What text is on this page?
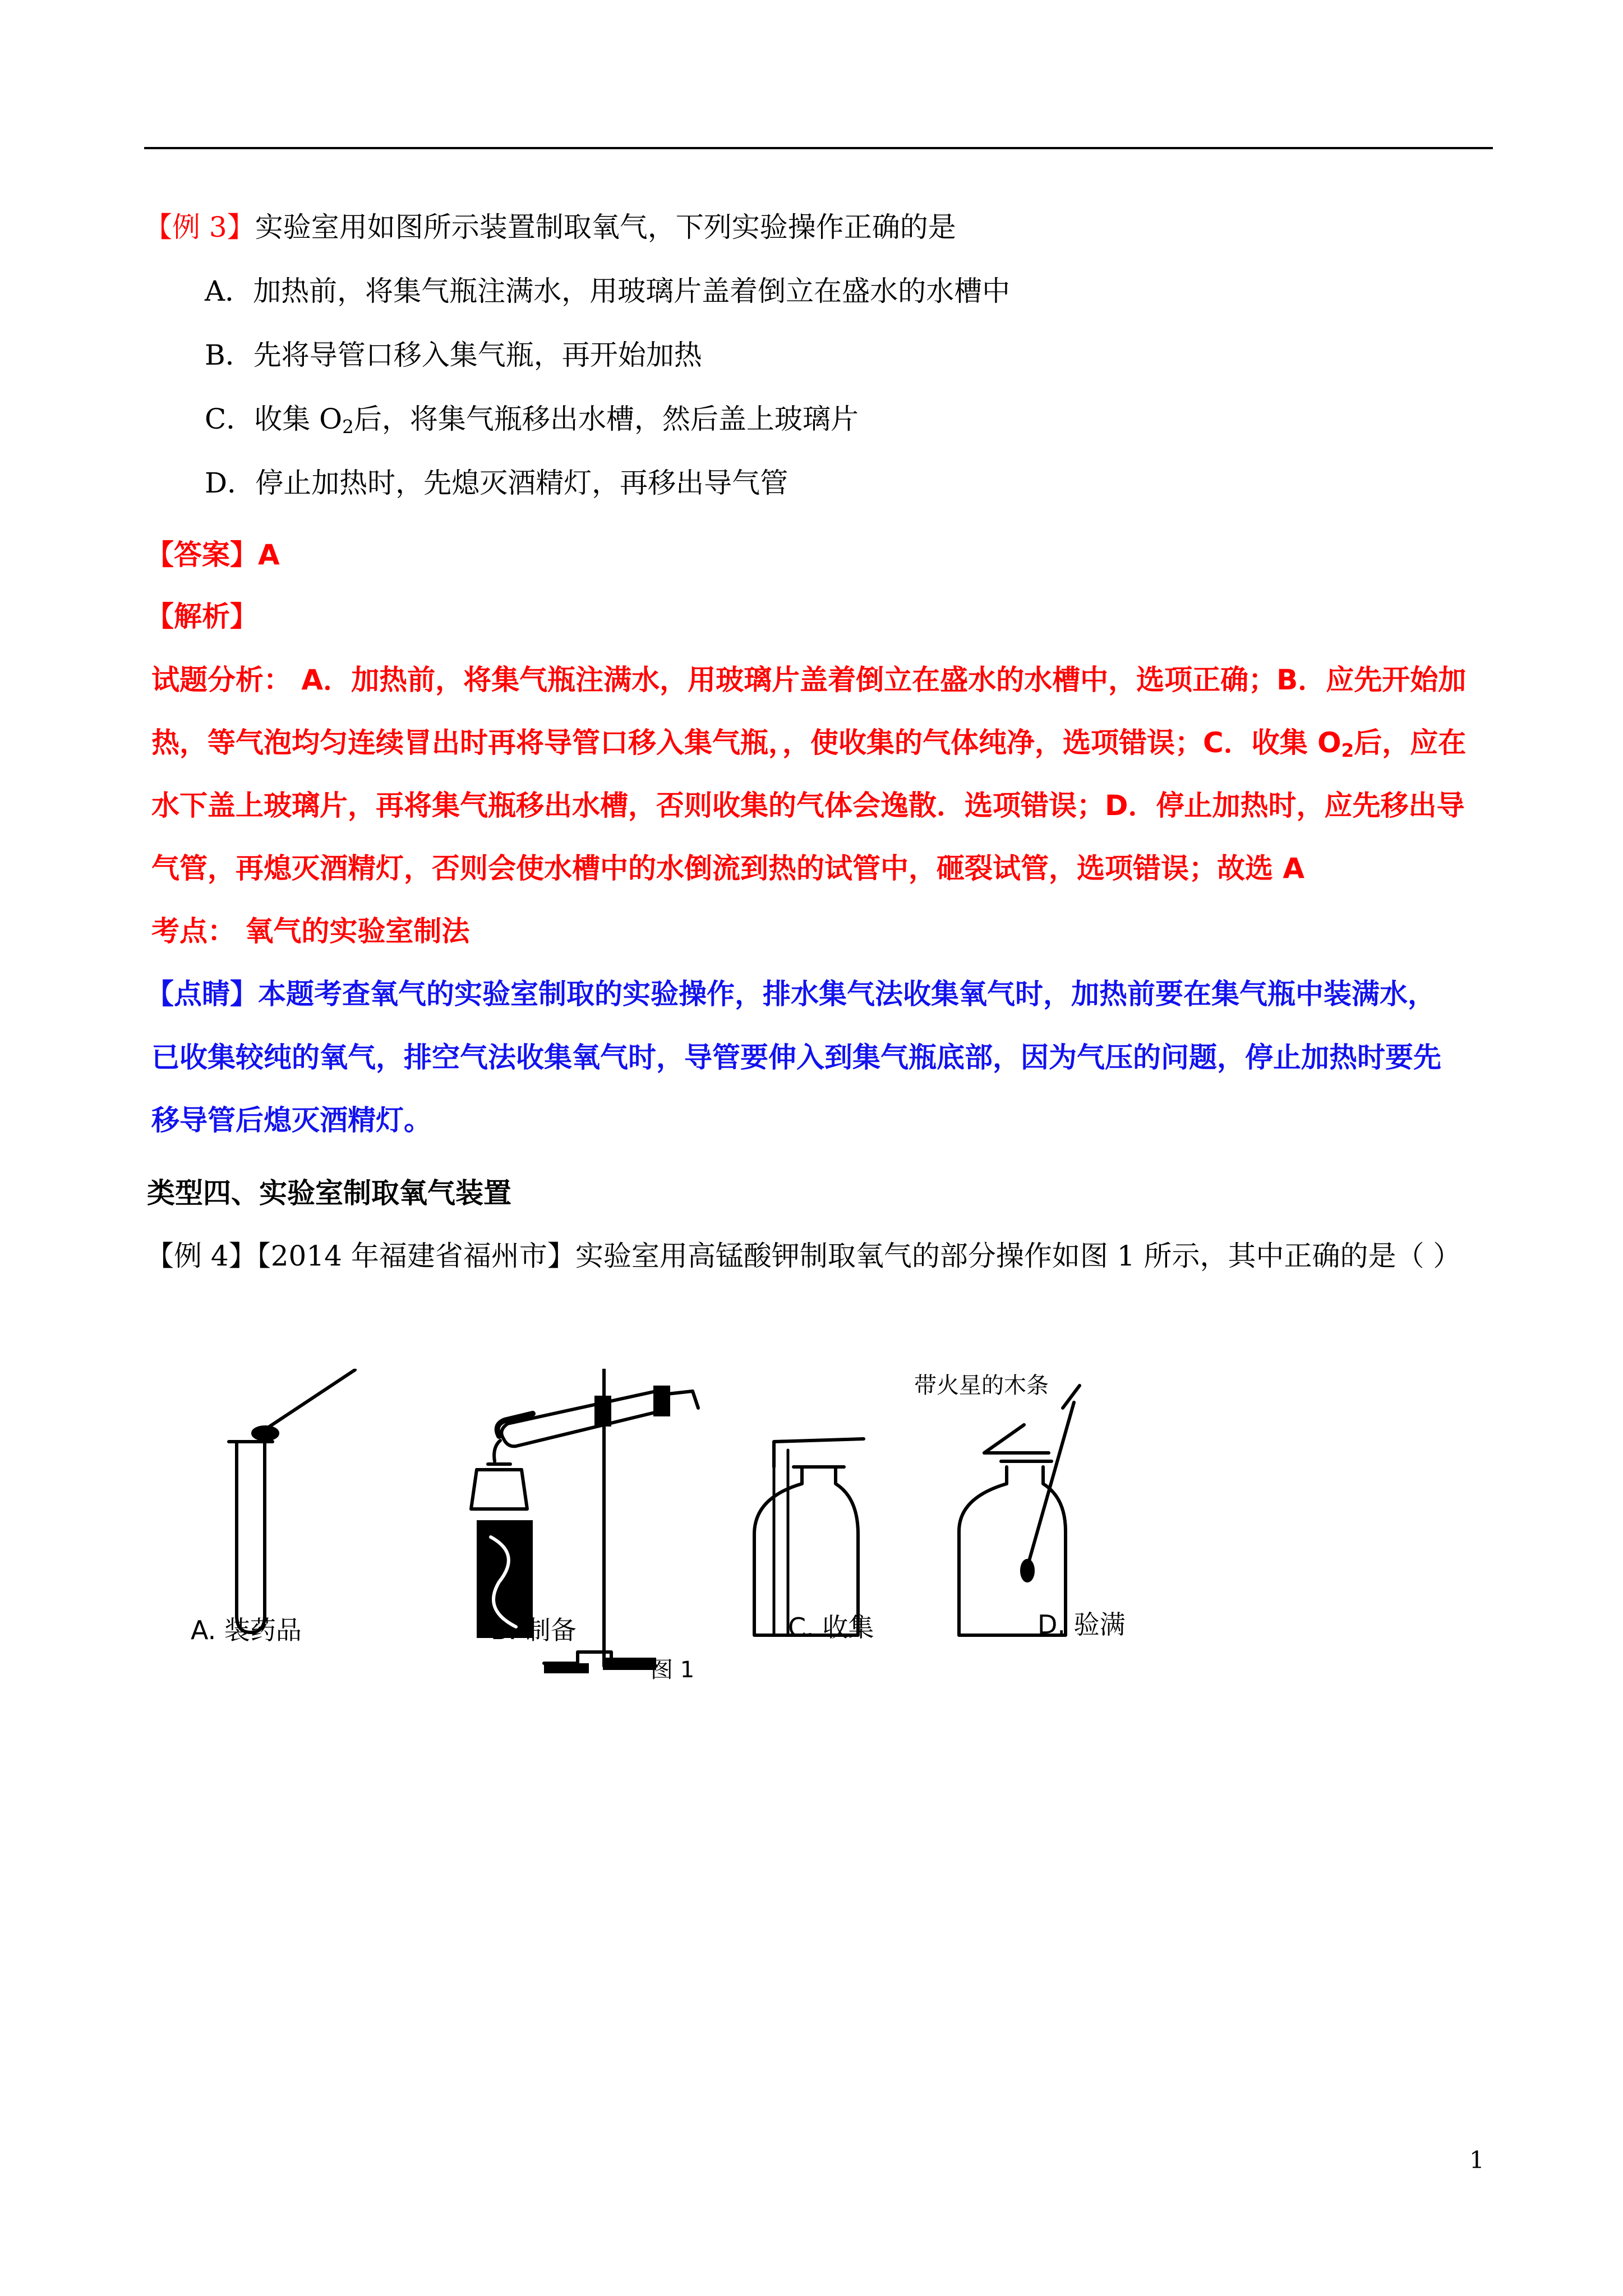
【例 3】实验室用如图所示装置制取氧气，下列实验操作正确的是
A．加热前，将集气瓶注满水，用玻璃片盖着倒立在盛水的水槽中
B．先将导管口移入集气瓶，再开始加热
C．收集 $O_2$后，将集气瓶移出水槽，然后盖上玻璃片
D．停止加热时，先熄灭酒精灯，再移出导气管
【答案】A
【解析】
试题分析： A．加热前，将集气瓶注满水，用玻璃片盖着倒立在盛水的水槽中，选项正确；B．应先开始加
热，等气泡均匀连续冒出时再将导管口移入集气瓶，，使收集的气体纯净，选项错误；C．收集 $O_2$后，应在
水下盖上玻璃片，再将集气瓶移出水槽，否则收集的气体会逸散．选项错误；D．停止加热时，应先移出导
气管，再熄灭酒精灯，否则会使水槽中的水倒流到热的试管中，砸裂试管，选项错误；故选 A
考点： 氧气的实验室制法
【点睛】本题考查氧气的实验室制取的实验操作，排水集气法收集氧气时，加热前要在集气瓶中装满水，
已收集较纯的氧气，排空气法收集氧气时，导管要伸入到集气瓶底部，因为气压的问题，停止加热时要先
移导管后熄灭酒精灯。
类型四、实验室制取氧气装置
【例 4】【2014 年福建省福州市】实验室用高锰酸钾制取氧气的部分操作如图 1 所示，其中正确的是（ ）
A. 装药品	B. 制备	C. 收集	D. 验满
带火星的木条
图 1
1
